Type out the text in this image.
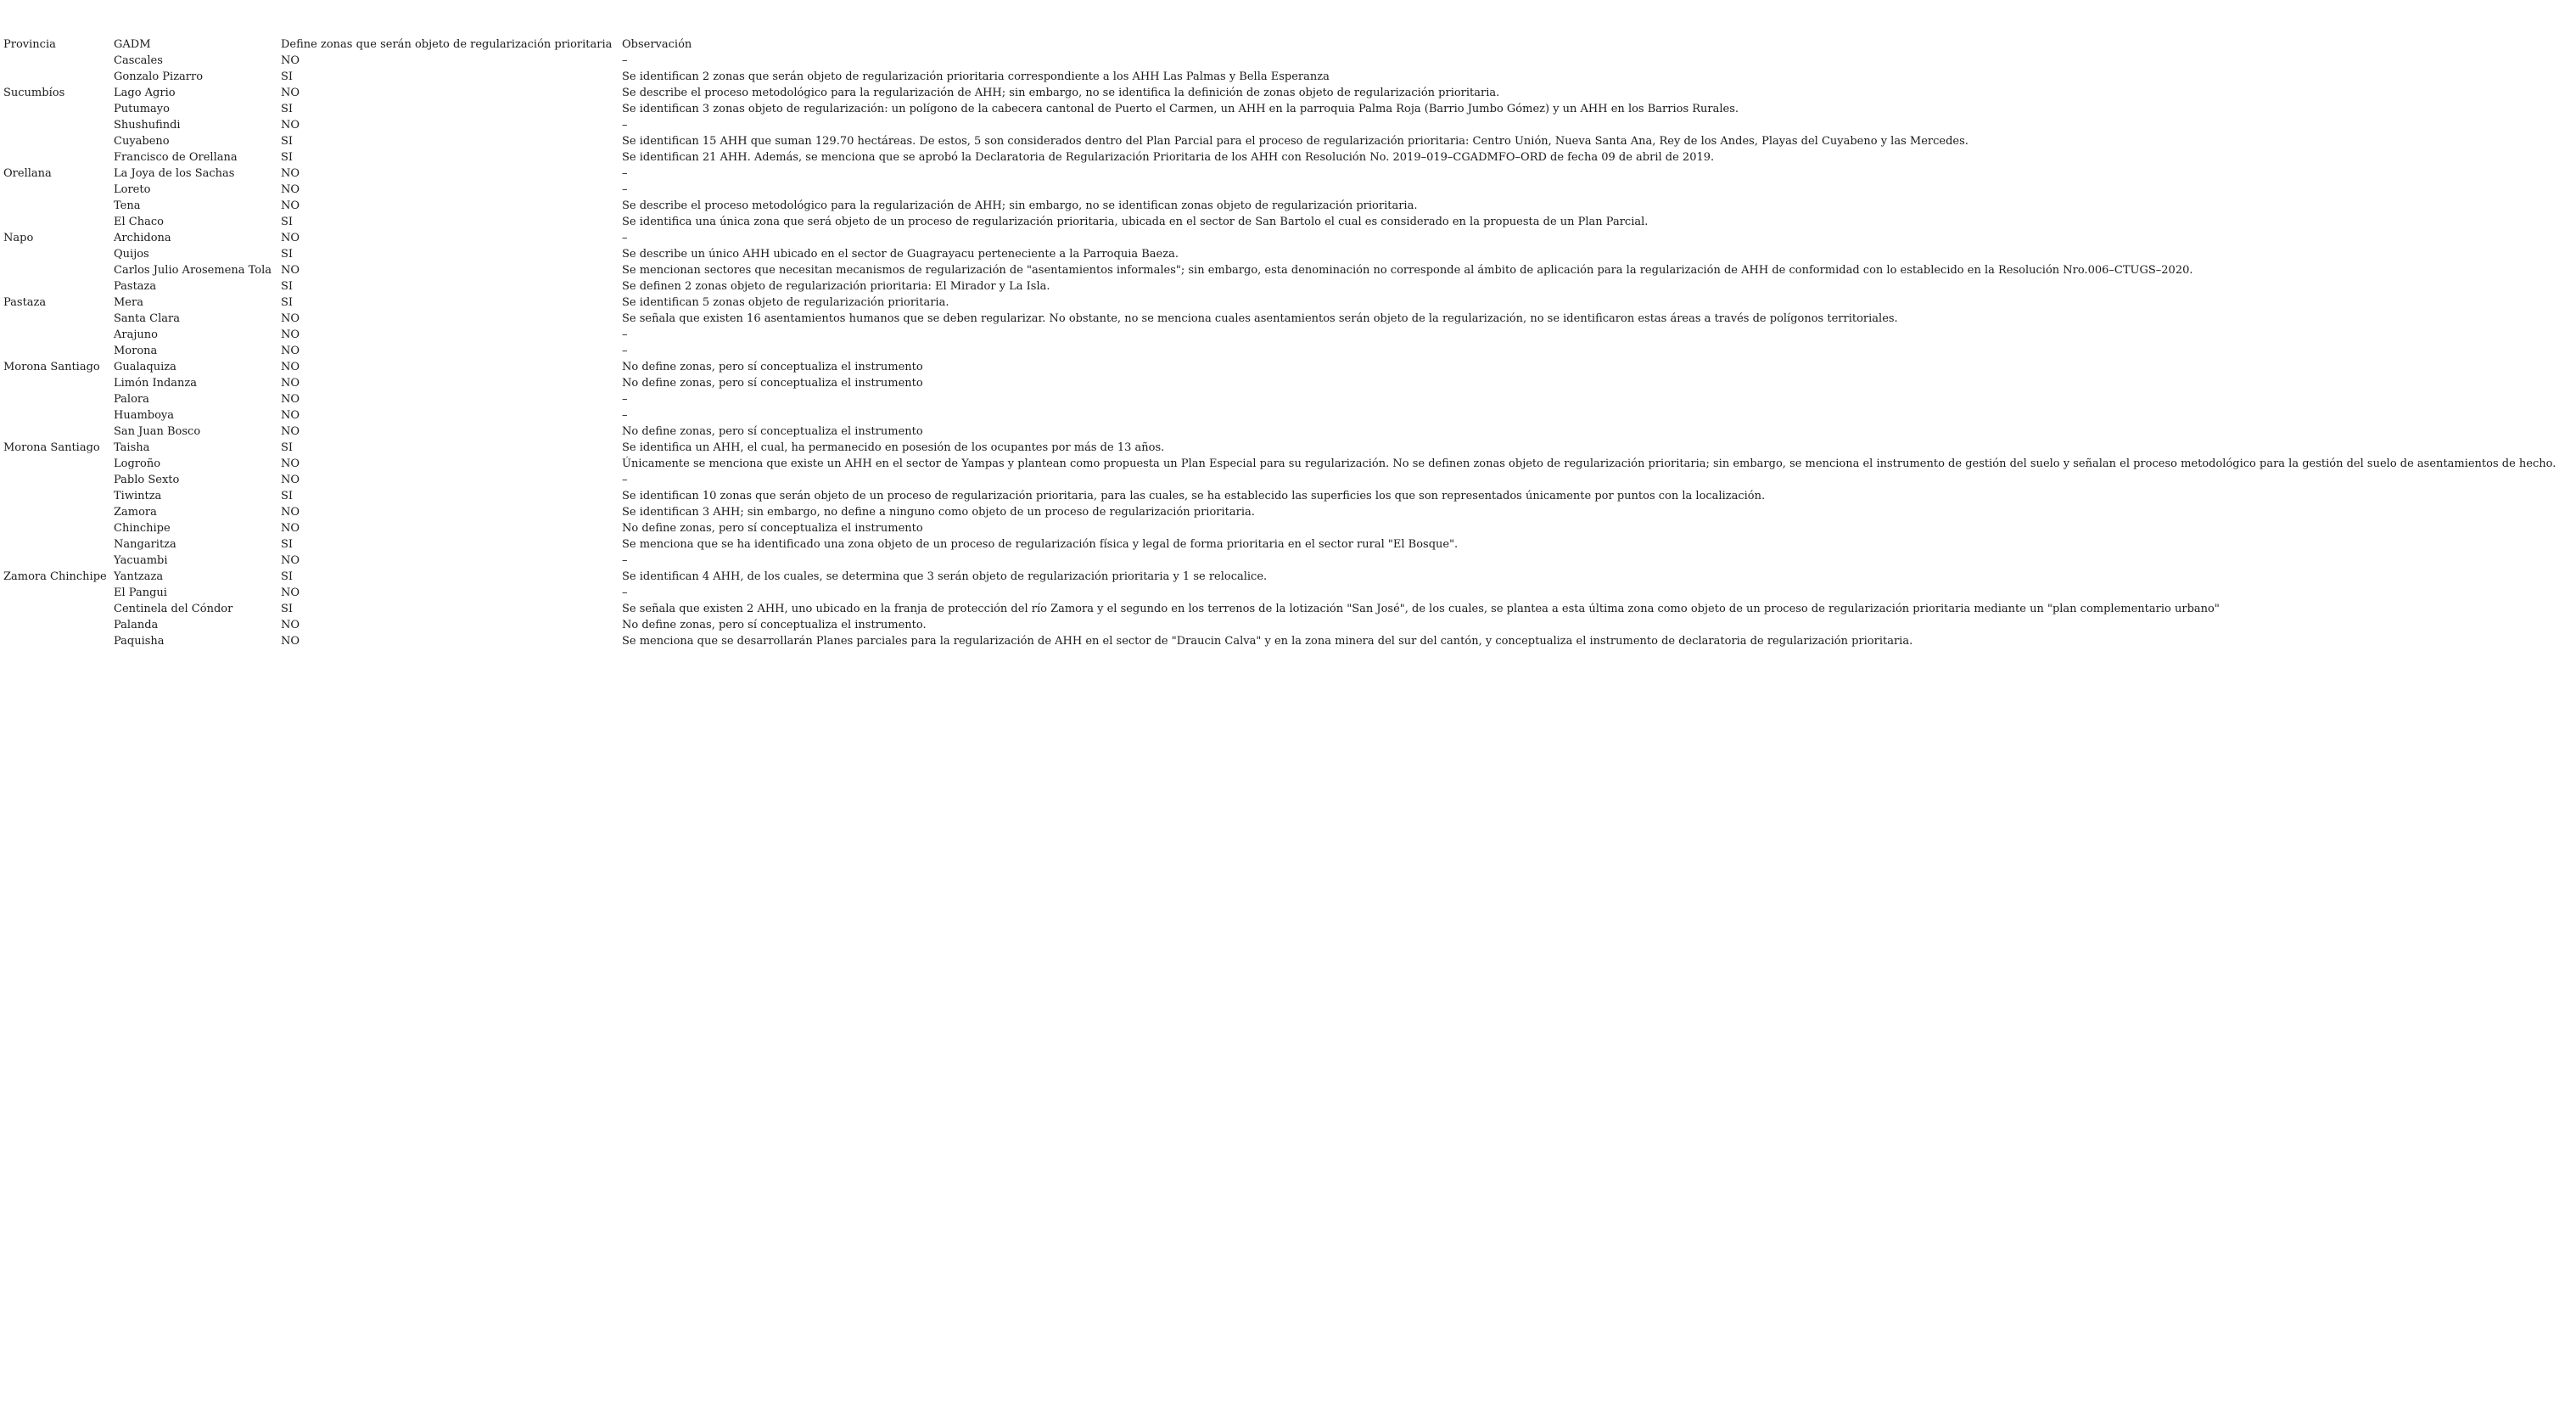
Provincia	GADM	Define zonas que serán objeto de regularización prioritaria	Observación
	Cascales	NO	–
	Gonzalo Pizarro	SI	Se identifican 2 zonas que serán objeto de regularización prioritaria correspondiente a los AHH Las Palmas y Bella Esperanza
Sucumbíos	Lago Agrio	NO	Se describe el proceso metodológico para la regularización de AHH; sin embargo, no se identifica la definición de zonas objeto de regularización prioritaria.
	Putumayo	SI	Se identifican 3 zonas objeto de regularización: un polígono de la cabecera cantonal de Puerto el Carmen, un AHH en la parroquia Palma Roja (Barrio Jumbo Gómez) y un AHH en los Barrios Rurales.
	Shushufindi	NO	–
	Cuyabeno	SI	Se identifican 15 AHH que suman 129.70 hectáreas. De estos, 5 son considerados dentro del Plan Parcial para el proceso de regularización prioritaria: Centro Unión, Nueva Santa Ana, Rey de los Andes, Playas del Cuyabeno y las Mercedes.
	Francisco de Orellana	SI	Se identifican 21 AHH. Además, se menciona que se aprobó la Declaratoria de Regularización Prioritaria de los AHH con Resolución No. 2019–019–CGADMFO–ORD de fecha 09 de abril de 2019.
Orellana	La Joya de los Sachas	NO	–
	Loreto	NO	–
	Tena	NO	Se describe el proceso metodológico para la regularización de AHH; sin embargo, no se identifican zonas objeto de regularización prioritaria.
	El Chaco	SI	Se identifica una única zona que será objeto de un proceso de regularización prioritaria, ubicada en el sector de San Bartolo el cual es considerado en la propuesta de un Plan Parcial.
Napo	Archidona	NO	–
	Quijos	SI	Se describe un único AHH ubicado en el sector de Guagrayacu perteneciente a la Parroquia Baeza.
	Carlos Julio Arosemena Tola	NO	Se mencionan sectores que necesitan mecanismos de regularización de "asentamientos informales"; sin embargo, esta denominación no corresponde al ámbito de aplicación para la regularización de AHH de conformidad con lo establecido en la Resolución Nro.006–CTUGS–2020.
	Pastaza	SI	Se definen 2 zonas objeto de regularización prioritaria: El Mirador y La Isla.
Pastaza	Mera	SI	Se identifican 5 zonas objeto de regularización prioritaria.
	Santa Clara	NO	Se señala que existen 16 asentamientos humanos que se deben regularizar. No obstante, no se menciona cuales asentamientos serán objeto de la regularización, no se identificaron estas áreas a través de polígonos territoriales.
	Arajuno	NO	–
	Morona	NO	–
Morona Santiago	Gualaquiza	NO	No define zonas, pero sí conceptualiza el instrumento
	Limón Indanza	NO	No define zonas, pero sí conceptualiza el instrumento
	Palora	NO	–
	Huamboya	NO	–
	San Juan Bosco	NO	No define zonas, pero sí conceptualiza el instrumento
Morona Santiago	Taisha	SI	Se identifica un AHH, el cual, ha permanecido en posesión de los ocupantes por más de 13 años.
	Logroño	NO	Únicamente se menciona que existe un AHH en el sector de Yampas y plantean como propuesta un Plan Especial para su regularización. No se definen zonas objeto de regularización prioritaria; sin embargo, se menciona el instrumento de gestión del suelo y señalan el proceso metodológico para la gestión del suelo de asentamientos de hecho.
	Pablo Sexto	NO	–
	Tiwintza	SI	Se identifican 10 zonas que serán objeto de un proceso de regularización prioritaria, para las cuales, se ha establecido las superficies los que son representados únicamente por puntos con la localización.
	Zamora	NO	Se identifican 3 AHH; sin embargo, no define a ninguno como objeto de un proceso de regularización prioritaria.
	Chinchipe	NO	No define zonas, pero sí conceptualiza el instrumento
	Nangaritza	SI	Se menciona que se ha identificado una zona objeto de un proceso de regularización física y legal de forma prioritaria en el sector rural "El Bosque".
	Yacuambi	NO	–
Zamora Chinchipe	Yantzaza	SI	Se identifican 4 AHH, de los cuales, se determina que 3 serán objeto de regularización prioritaria y 1 se relocalice.
	El Pangui	NO	–
	Centinela del Cóndor	SI	Se señala que existen 2 AHH, uno ubicado en la franja de protección del río Zamora y el segundo en los terrenos de la lotización "San José", de los cuales, se plantea a esta última zona como objeto de un proceso de regularización prioritaria mediante un "plan complementario urbano"
	Palanda	NO	No define zonas, pero sí conceptualiza el instrumento.
	Paquisha	NO	Se menciona que se desarrollarán Planes parciales para la regularización de AHH en el sector de "Draucin Calva" y en la zona minera del sur del cantón, y conceptualiza el instrumento de declaratoria de regularización prioritaria.
